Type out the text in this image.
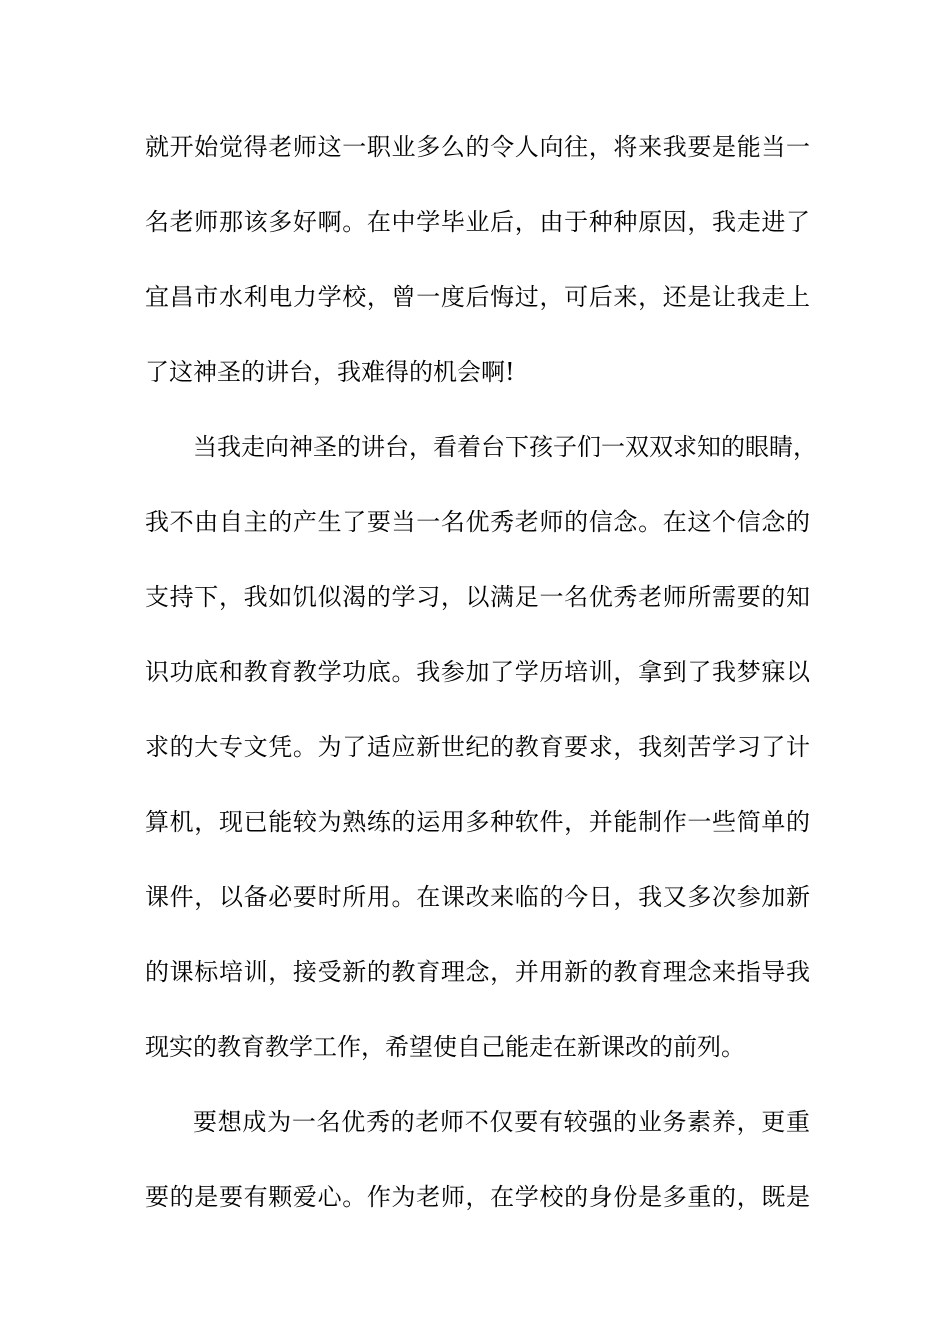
就开始觉得老师这一职业多么的令人向往，将来我要是能当一
名老师那该多好啊。在中学毕业后，由于种种原因，我走进了
宜昌市水利电力学校，曾一度后悔过，可后来，还是让我走上
了这神圣的讲台，我难得的机会啊!
当我走向神圣的讲台，看着台下孩子们一双双求知的眼睛，
我不由自主的产生了要当一名优秀老师的信念。在这个信念的
支持下，我如饥似渴的学习，以满足一名优秀老师所需要的知
识功底和教育教学功底。我参加了学历培训，拿到了我梦寐以
求的大专文凭。为了适应新世纪的教育要求，我刻苦学习了计
算机，现已能较为熟练的运用多种软件，并能制作一些简单的
课件，以备必要时所用。在课改来临的今日，我又多次参加新
的课标培训，接受新的教育理念，并用新的教育理念来指导我
现实的教育教学工作，希望使自己能走在新课改的前列。
要想成为一名优秀的老师不仅要有较强的业务素养，更重
要的是要有颗爱心。作为老师，在学校的身份是多重的，既是
